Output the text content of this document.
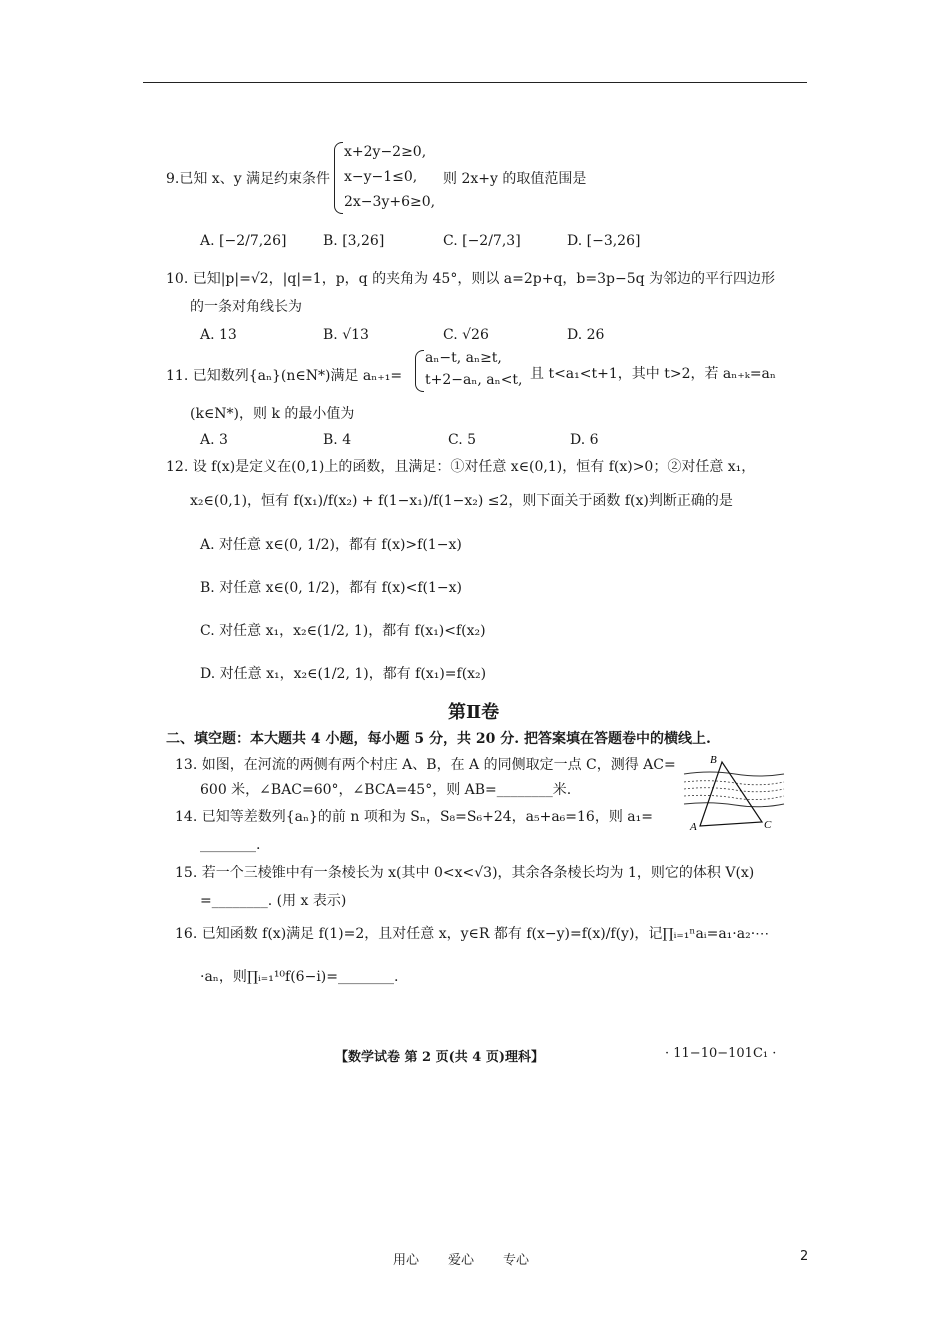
9.已知 x、y 满足约束条件
x+2y−2≥0,
x−y−1≤0,
2x−3y+6≥0,
则 2x+y 的取值范围是
A. [−2/7,26]	B. [3,26]	C. [−2/7,3]	D. [−3,26]
10. 已知|p|=√2，|q|=1，p，q 的夹角为 45°，则以 a=2p+q，b=3p−5q 为邻边的平行四边形
的一条对角线长为
A. 13	B. √13	C. √26	D. 26
11. 已知数列{aₙ}(n∈N*)满足 aₙ₊₁=
aₙ−t, aₙ≥t,
t+2−aₙ, aₙ<t, 且 t<a₁<t+1，其中 t>2，若 aₙ₊ₖ=aₙ
(k∈N*)，则 k 的最小值为
A. 3	B. 4	C. 5	D. 6
12. 设 f(x)是定义在(0,1)上的函数，且满足：①对任意 x∈(0,1)，恒有 f(x)>0；②对任意 x₁，
x₂∈(0,1)，恒有 f(x₁)/f(x₂) + f(1−x₁)/f(1−x₂) ≤2，则下面关于函数 f(x)判断正确的是
A. 对任意 x∈(0, 1/2)，都有 f(x)>f(1−x)
B. 对任意 x∈(0, 1/2)，都有 f(x)<f(1−x)
C. 对任意 x₁，x₂∈(1/2, 1)，都有 f(x₁)<f(x₂)
D. 对任意 x₁，x₂∈(1/2, 1)，都有 f(x₁)=f(x₂)
第Ⅱ卷
二、填空题：本大题共 4 小题，每小题 5 分，共 20 分. 把答案填在答题卷中的横线上.
13. 如图，在河流的两侧有两个村庄 A、B，在 A 的同侧取定一点 C，测得 AC=
600 米，∠BAC=60°，∠BCA=45°，则 AB=________米.
B
A	C
14. 已知等差数列{aₙ}的前 n 项和为 Sₙ，S₈=S₆+24，a₅+a₆=16，则 a₁=
________.
15. 若一个三棱锥中有一条棱长为 x(其中 0<x<√3)，其余各条棱长均为 1，则它的体积 V(x)
=________. (用 x 表示)
16. 已知函数 f(x)满足 f(1)=2，且对任意 x，y∈R 都有 f(x−y)=f(x)/f(y)，记∏ᵢ₌₁ⁿaᵢ=a₁·a₂·⋯
·aₙ，则∏ᵢ₌₁¹⁰f(6−i)=________.
【数学试卷 第 2 页(共 4 页)理科】	· 11−10−101C₁ ·
用心 爱心 专心	2
